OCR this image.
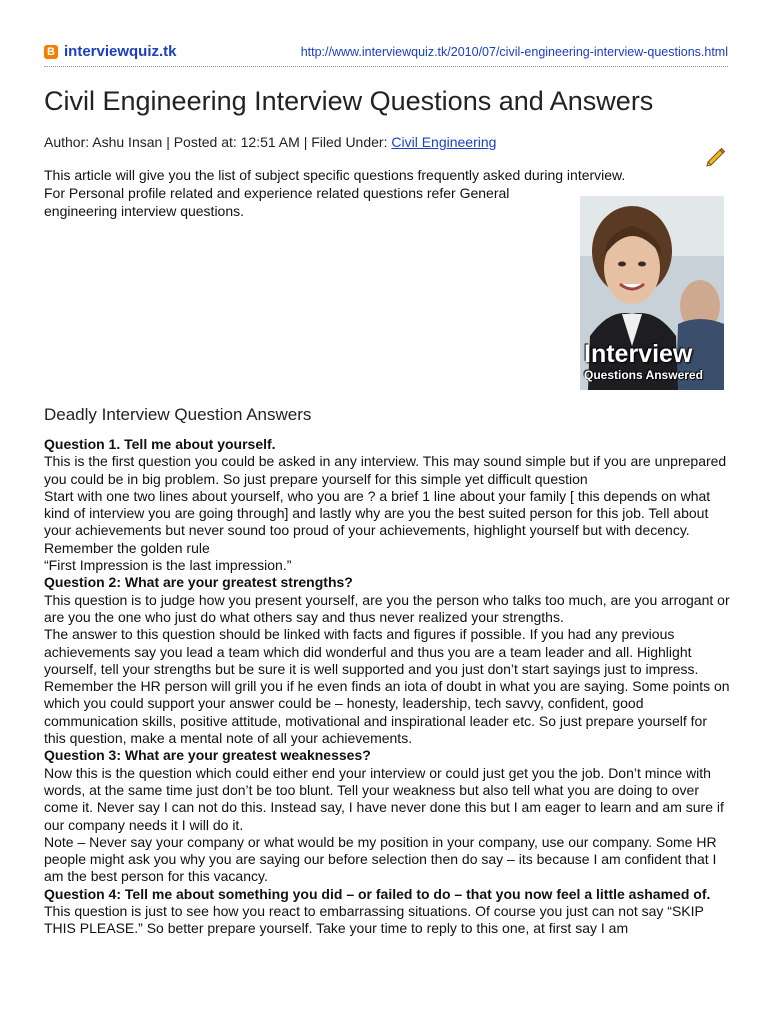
B interviewquiz.tk	http://www.interviewquiz.tk/2010/07/civil-engineering-interview-questions.html
Civil Engineering Interview Questions and Answers
Author: Ashu Insan | Posted at: 12:51 AM | Filed Under: Civil Engineering

This article will give you the list of subject specific questions frequently asked during interview.

For Personal profile related and experience related questions refer General engineering interview questions.

Interview
Questions Answered
Deadly Interview Question Answers

Question 1. Tell me about yourself.

This is the first question you could be asked in any interview. This may sound simple but if you are unprepared you could be in big problem. So just prepare yourself for this simple yet difficult question

Start with one two lines about yourself, who you are ? a brief 1 line about your family [ this depends on what kind of interview you are going through] and lastly why are you the best suited person for this job. Tell about your achievements but never sound too proud of your achievements, highlight yourself but with decency. Remember the golden rule

“First Impression is the last impression.”

Question 2: What are your greatest strengths?

This question is to judge how you present yourself, are you the person who talks too much, are you arrogant or are you the one who just do what others say and thus never realized your strengths.

The answer to this question should be linked with facts and figures if possible. If you had any previous achievements say you lead a team which did wonderful and thus you are a team leader and all. Highlight yourself, tell your strengths but be sure it is well supported and you just don’t start sayings just to impress. Remember the HR person will grill you if he even finds an iota of doubt in what you are saying. Some points on which you could support your answer could be – honesty, leadership, tech savvy, confident, good communication skills, positive attitude, motivational and inspirational leader etc. So just prepare yourself for this question, make a mental note of all your achievements.

Question 3: What are your greatest weaknesses?

Now this is the question which could either end your interview or could just get you the job. Don’t mince with words, at the same time just don’t be too blunt. Tell your weakness but also tell what you are doing to over come it. Never say I can not do this. Instead say, I have never done this but I am eager to learn and am sure if our company needs it I will do it.

Note – Never say your company or what would be my position in your company, use our company. Some HR people might ask you why you are saying our before selection then do say – its because I am confident that I am the best person for this vacancy.

Question 4: Tell me about something you did – or failed to do – that you now feel a little ashamed of.

This question is just to see how you react to embarrassing situations. Of course you just can not say “SKIP THIS PLEASE.” So better prepare yourself. Take your time to reply to this one, at first say I am
